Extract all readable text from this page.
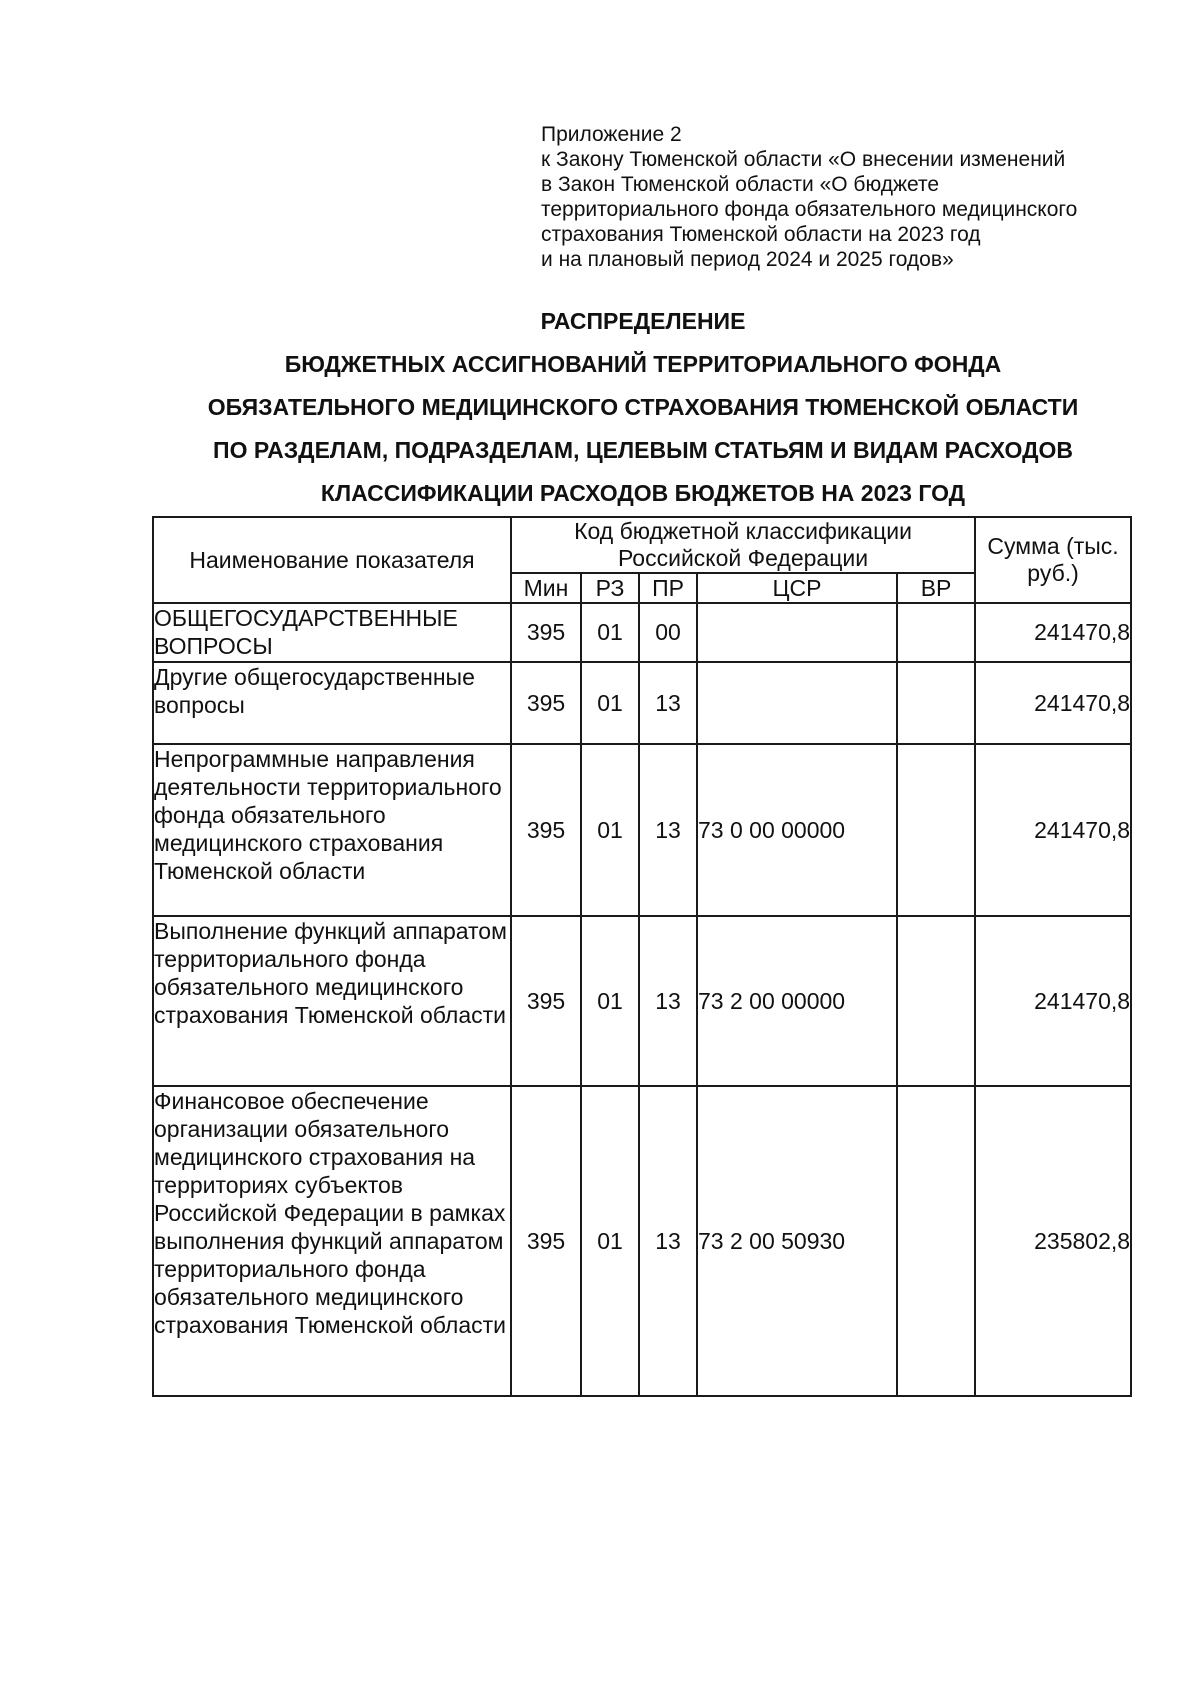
Приложение 2
к Закону Тюменской области «О внесении изменений
в Закон Тюменской области «О бюджете
территориального фонда обязательного медицинского
страхования Тюменской области на 2023 год
и на плановый период 2024 и 2025 годов»
РАСПРЕДЕЛЕНИЕ
БЮДЖЕТНЫХ АССИГНОВАНИЙ ТЕРРИТОРИАЛЬНОГО ФОНДА
ОБЯЗАТЕЛЬНОГО МЕДИЦИНСКОГО СТРАХОВАНИЯ ТЮМЕНСКОЙ ОБЛАСТИ
ПО РАЗДЕЛАМ, ПОДРАЗДЕЛАМ, ЦЕЛЕВЫМ СТАТЬЯМ И ВИДАМ РАСХОДОВ
КЛАССИФИКАЦИИ РАСХОДОВ БЮДЖЕТОВ НА 2023 ГОД
Наименование показателя	Код бюджетной классификации Российской Федерации					Сумма (тыс. руб.)
	Мин	РЗ	ПР	ЦСР	ВР	
ОБЩЕГОСУДАРСТВЕННЫЕ ВОПРОСЫ	395	01	00			241470,8
Другие общегосударственные вопросы	395	01	13			241470,8
Непрограммные направления деятельности территориального фонда обязательного медицинского страхования Тюменской области	395	01	13	73 0 00 00000		241470,8
Выполнение функций аппаратом территориального фонда обязательного медицинского страхования Тюменской области	395	01	13	73 2 00 00000		241470,8
Финансовое обеспечение организации обязательного медицинского страхования на территориях субъектов Российской Федерации в рамках выполнения функций аппаратом территориального фонда обязательного медицинского страхования Тюменской области	395	01	13	73 2 00 50930		235802,8
